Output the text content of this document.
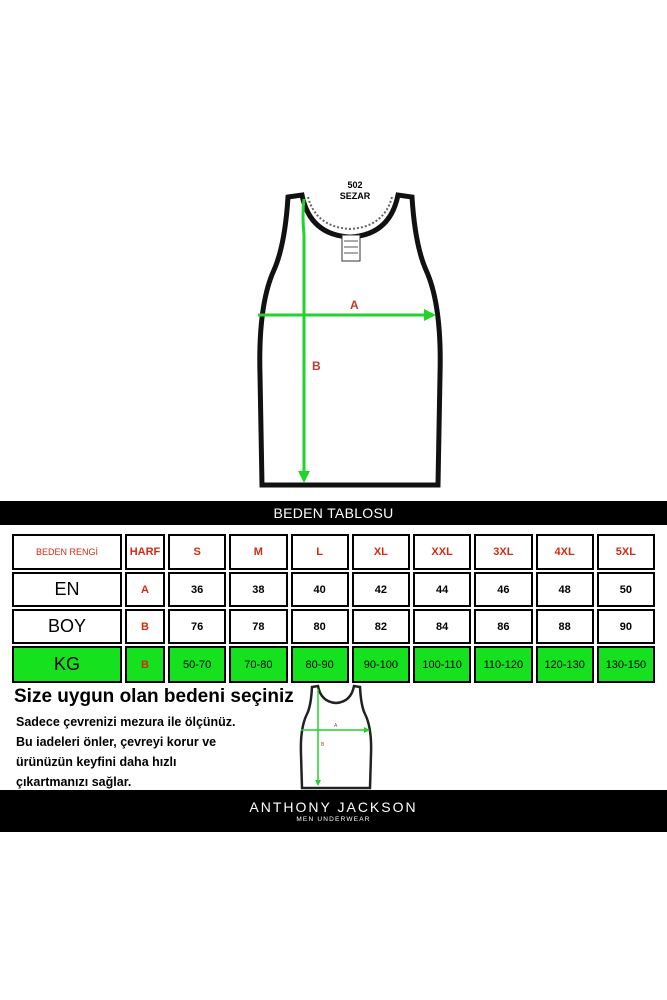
502
SEZAR
A
B
BEDEN TABLOSU
BEDEN RENGİ	HARF	S	M	L	XL	XXL	3XL	4XL	5XL
EN	A	36	38	40	42	44	46	48	50
BOY	B	76	78	80	82	84	86	88	90
KG	B	50-70	70-80	80-90	90-100	100-110	110-120	120-130	130-150
Size uygun olan bedeni seçiniz
Sadece çevrenizi mezura ile ölçünüz.
Bu iadeleri önler, çevreyi korur ve
ürünüzün keyfini daha hızlı
çıkartmanızı sağlar.
A
B
ANTHONY JACKSON
MEN UNDERWEAR
